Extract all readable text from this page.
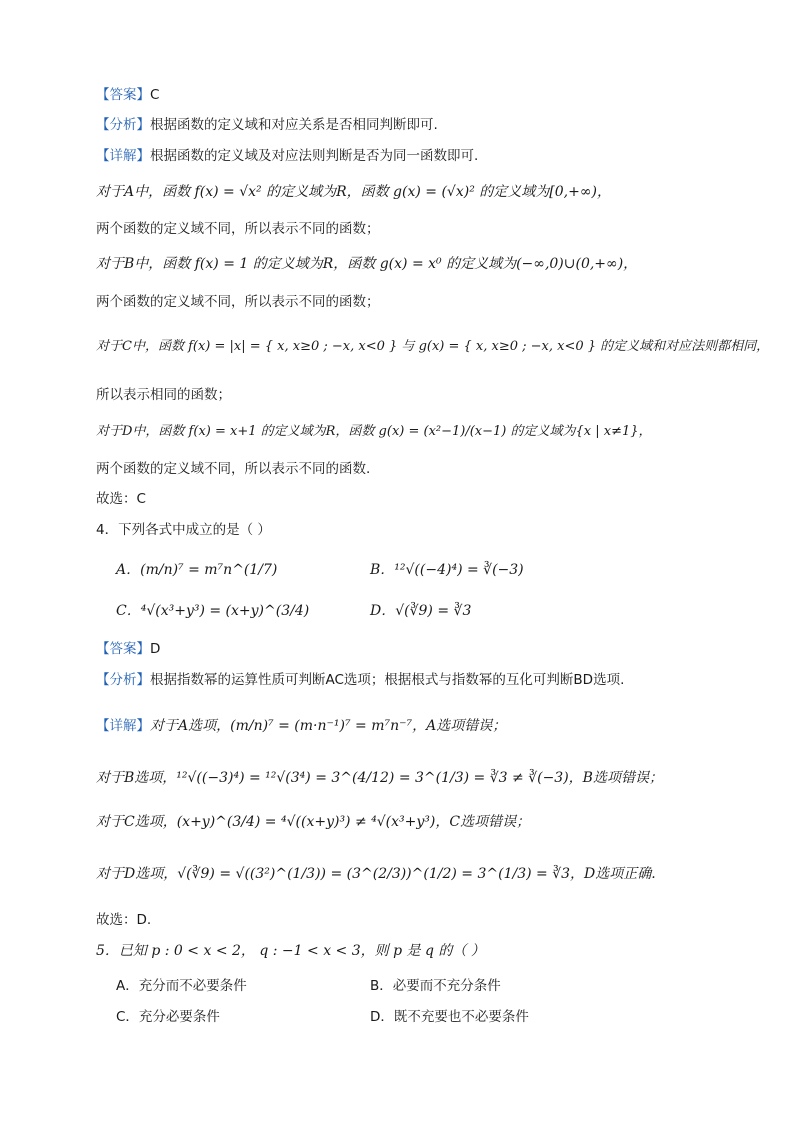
【答案】C
【分析】根据函数的定义域和对应关系是否相同判断即可.
【详解】根据函数的定义域及对应法则判断是否为同一函数即可.
对于A中，函数 f(x) = √x² 的定义域为R，函数 g(x) = (√x)² 的定义域为[0,+∞)，
两个函数的定义域不同，所以表示不同的函数；
对于B中，函数 f(x) = 1 的定义域为R，函数 g(x) = x⁰ 的定义域为(−∞,0)∪(0,+∞)，
两个函数的定义域不同，所以表示不同的函数；
对于C中，函数 f(x) = |x| = { x, x≥0 ; −x, x<0 } 与 g(x) = { x, x≥0 ; −x, x<0 } 的定义域和对应法则都相同，
所以表示相同的函数；
对于D中，函数 f(x) = x+1 的定义域为R，函数 g(x) = (x²−1)/(x−1) 的定义域为{x | x≠1}，
两个函数的定义域不同，所以表示不同的函数.
故选：C
4．下列各式中成立的是（ ）
A．(m/n)⁷ = m⁷n^(1/7)	B．¹²√((−4)⁴) = ∛(−3)
C．⁴√(x³+y³) = (x+y)^(3/4)	D．√(∛9) = ∛3
【答案】D
【分析】根据指数幂的运算性质可判断AC选项；根据根式与指数幂的互化可判断BD选项.
【详解】对于A选项，(m/n)⁷ = (m·n⁻¹)⁷ = m⁷n⁻⁷，A选项错误；
对于B选项，¹²√((−3)⁴) = ¹²√(3⁴) = 3^(4/12) = 3^(1/3) = ∛3 ≠ ∛(−3)，B选项错误；
对于C选项，(x+y)^(3/4) = ⁴√((x+y)³) ≠ ⁴√(x³+y³)，C选项错误；
对于D选项，√(∛9) = √((3²)^(1/3)) = (3^(2/3))^(1/2) = 3^(1/3) = ∛3，D选项正确.
故选：D.
5．已知 p : 0 < x < 2， q : −1 < x < 3，则 p 是 q 的（ ）
A．充分而不必要条件	B．必要而不充分条件
C．充分必要条件	D．既不充要也不必要条件
